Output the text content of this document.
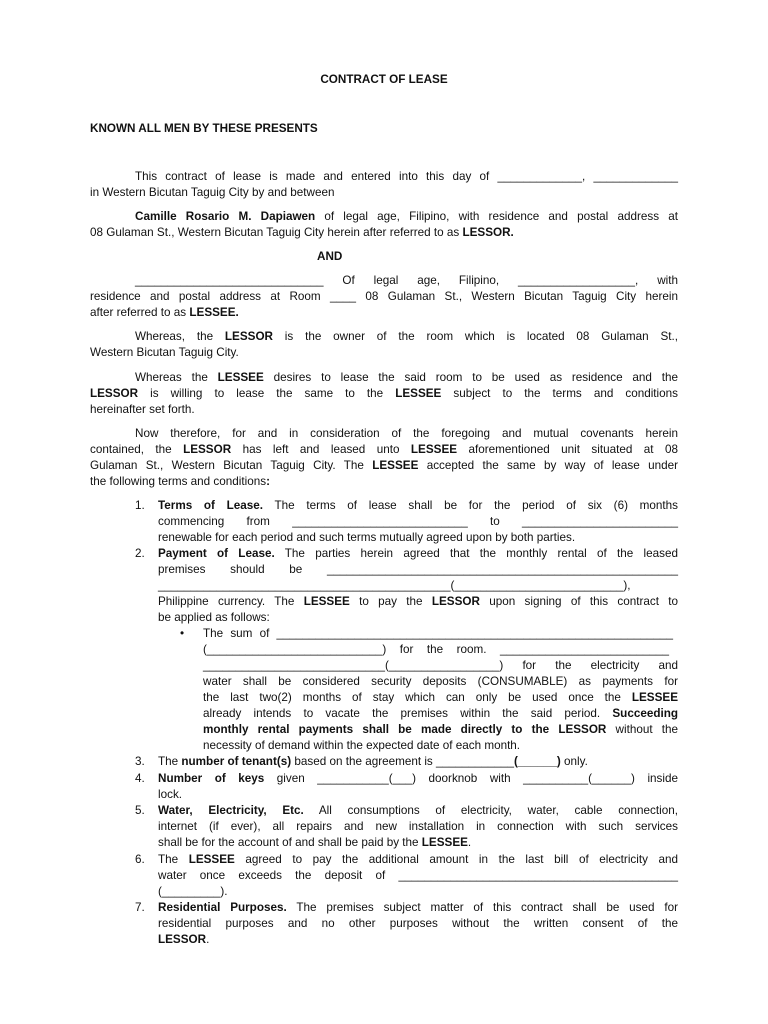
CONTRACT OF LEASE
KNOWN ALL MEN BY THESE PRESENTS
This contract of lease is made and entered into this day of _____________, _____________
in Western Bicutan Taguig City by and between
Camille Rosario M. Dapiawen of legal age, Filipino, with residence and postal address at
08 Gulaman St., Western Bicutan Taguig City herein after referred to as LESSOR.
AND
_____________________________ Of legal age, Filipino, __________________, with
residence and postal address at Room ____ 08 Gulaman St., Western Bicutan Taguig City herein
after referred to as LESSEE.
Whereas, the LESSOR is the owner of the room which is located 08 Gulaman St.,
Western Bicutan Taguig City.
Whereas the LESSEE desires to lease the said room to be used as residence and the
LESSOR is willing to lease the same to the LESSEE subject to the terms and conditions
hereinafter set forth.
Now therefore, for and in consideration of the foregoing and mutual covenants herein
contained, the LESSOR has left and leased unto LESSEE aforementioned unit situated at 08
Gulaman St., Western Bicutan Taguig City. The LESSEE accepted the same by way of lease under
the following terms and conditions:
1. Terms of Lease. The terms of lease shall be for the period of six (6) months
commencing from ___________________________ to ________________________
renewable for each period and such terms mutually agreed upon by both parties.
2. Payment of Lease. The parties herein agreed that the monthly rental of the leased
premises should be ______________________________________________________
_____________________________________________(__________________________),
Philippine currency. The LESSEE to pay the LESSOR upon signing of this contract to
be applied as follows:
• The sum of _____________________________________________________________
(___________________________) for the room. __________________________
____________________________(_________________) for the electricity and
water shall be considered security deposits (CONSUMABLE) as payments for
the last two(2) months of stay which can only be used once the LESSEE
already intends to vacate the premises within the said period. Succeeding
monthly rental payments shall be made directly to the LESSOR without the
necessity of demand within the expected date of each month.
3. The number of tenant(s) based on the agreement is ____________(______) only.
4. Number of keys given ___________(___) doorknob with __________(______) inside
lock.
5. Water, Electricity, Etc. All consumptions of electricity, water, cable connection,
internet (if ever), all repairs and new installation in connection with such services
shall be for the account of and shall be paid by the LESSEE.
6. The LESSEE agreed to pay the additional amount in the last bill of electricity and
water once exceeds the deposit of ___________________________________________
(_________).
7. Residential Purposes. The premises subject matter of this contract shall be used for
residential purposes and no other purposes without the written consent of the
LESSOR.
